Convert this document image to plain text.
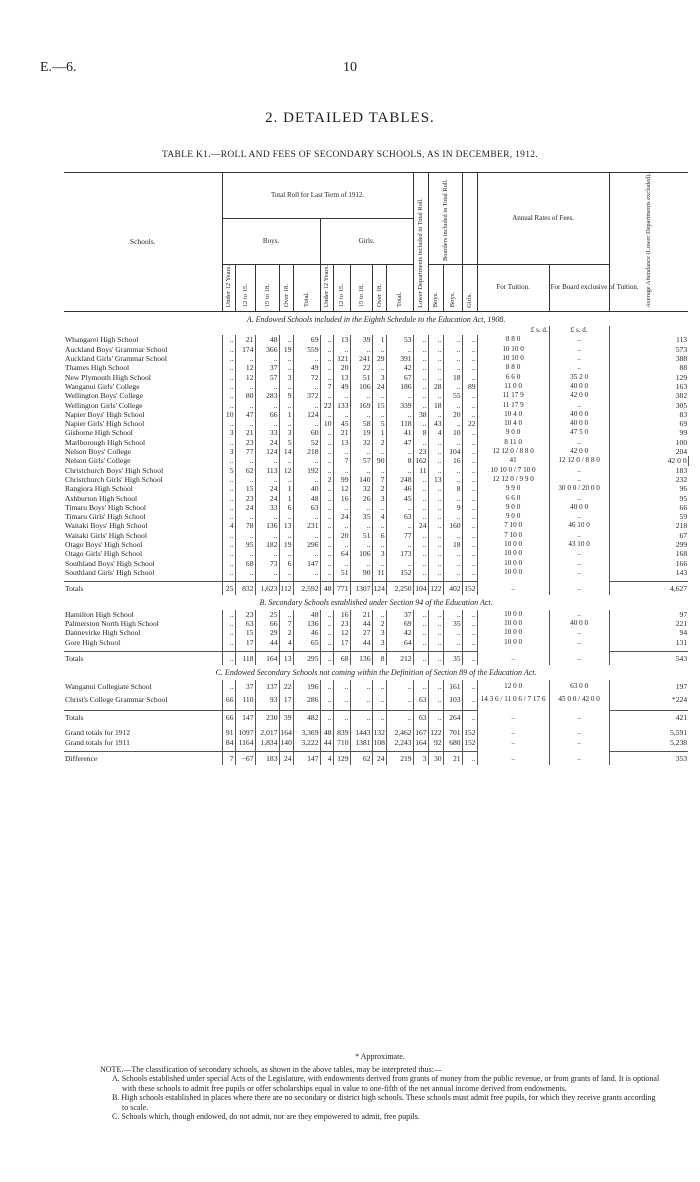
E.—6.	10
2. DETAILED TABLES.
TABLE K1.—ROLL AND FEES OF SECONDARY SCHOOLS, AS IN DECEMBER, 1912.
Schools.	Total Roll for Last Term of 1912.										Lower Departments included in Total Roll.	Boarders included in Total Roll.			Annual Rates of Fees.		Average Attendance (Lower Departments excluded).	
	Boys.					Girls.												
	Under 12 Years.	12 to 15.	15 to 18.	Over 18.	Total.	Under 12 Years.	12 to 15.	15 to 18.	Over 18.	Total.		Boys.	Boys.	Girls.	For Tuition.	For Board exclusive of Tuition.		
A. Endowed Schools included in the Eighth Schedule to the Education Act, 1908.																		
£ s. d.																£ s. d.		
Whangarei High School	..	21	48	..	69	..	13	39	1	53	..	..	..	..	8 8 0	..	113	
Auckland Boys' Grammar School	..	174	366	19	559	..	..	..	..	..	..	..	..	..	10 10 0	..	573	
Auckland Girls' Grammar School	..	..	..	..	..	..	121	241	29	391	..	..	..	..	10 10 0	..	388	
Thames High School	..	12	37	..	49	..	20	22	..	42	..	..	..	..	8 8 0	..	88	
New Plymouth High School	..	12	57	3	72	..	13	51	3	67	..	..	18	..	6 6 0	35 2 0	129	
Wanganui Girls' College	..	..	..	..	..	7	49	106	24	186	..	28	..	89	11 0 0	40 0 0	163	
Wellington Boys' College	..	80	283	9	372	..	..	..	..	..	..	..	55	..	11 17 9	42 0 0	382	
Wellington Girls' College	..	..	..	..	..	22	133	169	15	339	..	18	..	..	11 17 9	..	305	
Napier Boys' High School	10	47	66	1	124	..	..	..	..	..	38	..	20	..	10 4 0	40 0 0	83	
Napier Girls' High School	..	..	..	..	..	10	45	58	5	118	..	43	..	22	10 4 0	40 0 0	69	
Gisborne High School	3	21	33	3	60	..	21	19	1	41	8	4	10	..	9 0 0	47 5 0	99	
Marlborough High School	..	23	24	5	52	..	13	32	2	47	..	..	..	..	8 11 0	..	100	
Nelson Boys' College	3	77	124	14	218	..	..	..	..	..	23	..	104	..	12 12 0 / 8 8 0	42 0 0	204	
Nelson Girls' College	..	..	..	..	..	..	7	57	90	8	162	..	16	..	41	12 12 0 / 8 8 0	42 0 0	
Christchurch Boys' High School	5	62	113	12	192	..	..	..	..	..	11	..	..	..	10 10 0 / 7 10 0	..	183	
Christchurch Girls' High School	..	..	..	..	..	2	99	140	7	248	..	13	..	..	12 12 0 / 9 9 0	..	232	
Rangiora High School	..	15	24	1	40	..	12	32	2	46	..	..	8	..	9 9 0	30 0 0 / 20 0 0	96	
Ashburton High School	..	23	24	1	48	..	16	26	3	45	..	..	..	..	6 6 0	..	95	
Timaru Boys' High School	..	24	33	6	63	..	..	..	..	..	..	..	9	..	9 0 0	40 0 0	66	
Timaru Girls' High School	..	..	..	..	..	..	24	35	4	63	..	..	..	..	9 0 0	..	59	
Waitaki Boys' High School	4	78	136	13	231	..	..	..	..	..	24	..	160	..	7 10 0	46 10 0	218	
Waitaki Girls' High School	..	..	..	..	..	..	20	51	6	77	..	..	..	..	7 10 0	..	67	
Otago Boys' High School	..	95	182	19	296	..	..	..	..	..	..	..	18	..	10 0 0	43 10 0	299	
Otago Girls' High School	..	..	..	..	..	..	64	106	3	173	..	..	..	..	10 0 0	..	168	
Southland Boys' High School	..	68	73	6	147	..	..	..	..	..	..	..	..	..	10 0 0	..	166	
Southland Girls' High School	..	..	..	..	..	..	51	90	11	152	..	..	..	..	10 0 0	..	143	

Totals	25	832	1,623	112	2,592	48	771	1307	124	2,250	104	122	402	152	..	..	4,627	
B. Secondary Schools established under Section 94 of the Education Act.																		
Hamilton High School	..	23	25	..	48	..	16	21	..	37	..	..	..	..	10 0 0	..	97	
Palmerston North High School	..	63	66	7	136	..	23	44	2	69	..	..	35	..	10 0 0	40 0 0	221	
Dannevirke High School	..	15	29	2	46	..	12	27	3	42	..	..	..	..	10 0 0	..	94	
Gore High School	..	17	44	4	65	..	17	44	3	64	..	..	..	..	10 0 0	..	131	

Totals	..	118	164	13	295	..	68	136	8	212	..	..	35	..	..	..	543	
C. Endowed Secondary Schools not coming within the Definition of Section 89 of the Education Act.																		
Wanganui Collegiate School	..	37	137	22	196	..	..	..	..	..	..	..	161	..	12 0 0	63 0 0	197	
Christ's College Grammar School	66	110	93	17	286	..	..	..	..	..	63	..	103	..	14 3 6 / 11 0 6 / 7 17 6	45 0 0 / 42 0 0	*224	

Totals	66	147	230	39	482	..	..	..	..	..	63	..	264	..	..	..	421	

Grand totals for 1912	91	1097	2,017	164	3,369	48	839	1443	132	2,462	167	122	701	152	..	..	5,591	
Grand totals for 1911	84	1164	1,834	140	3,222	44	710	1381	108	2,243	164	92	680	152	..	..	5,238	

Difference	7	−67	183	24	147	4	129	62	24	219	3	30	21	..	..	..	353	
* Approximate.

NOTE.—The classification of secondary schools, as shown in the above tables, may be interpreted thus:—

A. Schools established under special Acts of the Legislature, with endowments derived from grants of money from the public revenue, or from grants of land. It is optional with these schools to admit free pupils or offer scholarships equal in value to one-fifth of the net annual income derived from endowments.

B. High schools established in places where there are no secondary or district high schools. These schools must admit free pupils, for which they receive grants according to scale.

C. Schools which, though endowed, do not admit, nor are they empowered to admit, free pupils.
